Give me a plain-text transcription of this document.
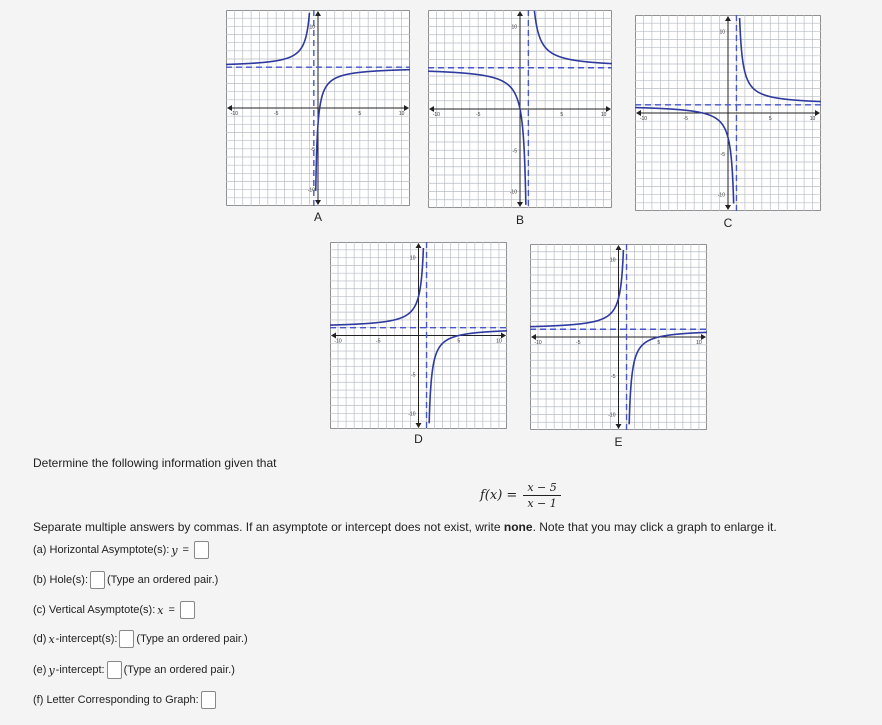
-10	-5	5	10
10
-5
-10
A
-10	-5	5	10
10
-5
-10
B
-10	-5	5	10
10
-5
-10
C
-10	-5	5	10
10
-5
-10
D
-10	-5	5	10
10
-5
-10
E
Determine the following information given that
$f(x) = \frac{x - 5}{x - 1}$
Separate multiple answers by commas. If an asymptote or intercept does not exist, write none. Note that you may click a graph to enlarge it.
(a) Horizontal Asymptote(s): y =
(b) Hole(s): (Type an ordered pair.)
(c) Vertical Asymptote(s): x =
(d) x -intercept(s): (Type an ordered pair.)
(e) y -intercept: (Type an ordered pair.)
(f) Letter Corresponding to Graph:
